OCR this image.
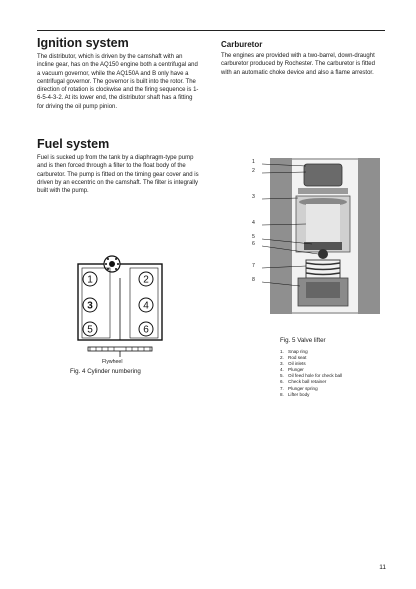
Ignition system

The distributor, which is driven by the camshaft with an incline gear, has on the AQ150 engine both a centrifugal and a vacuum governor, while the AQ150A and B only have a centrifugal governor. The governor is built into the rotor. The direction of rotation is clockwise and the firing sequence is 1-6-5-4-3-2. At its lower end, the distributor shaft has a fitting for driving the oil pump pinion.

Fuel system

Fuel is sucked up from the tank by a diaphragm-type pump and is then forced through a filter to the float body of the carburetor. The pump is fitted on the timing gear cover and is driven by an eccentric on the camshaft. The filter is integrally built with the pump.

Carburetor

The engines are provided with a two-barrel, down-draught carburetor produced by Rochester. The carburetor is fitted with an automatic choke device and also a flame arrestor.

1	2
3	4
5	6
Flywheel
Fig. 4 Cylinder numbering
1
2
3
4
5
6
7
8
Fig. 5 Valve lifter
1. Snap ring
2. Rod seat
3. Oil inlets
4. Plunger
5. Oil feed hole for check ball
6. Check ball retainer
7. Plunger spring
8. Lifter body
11
